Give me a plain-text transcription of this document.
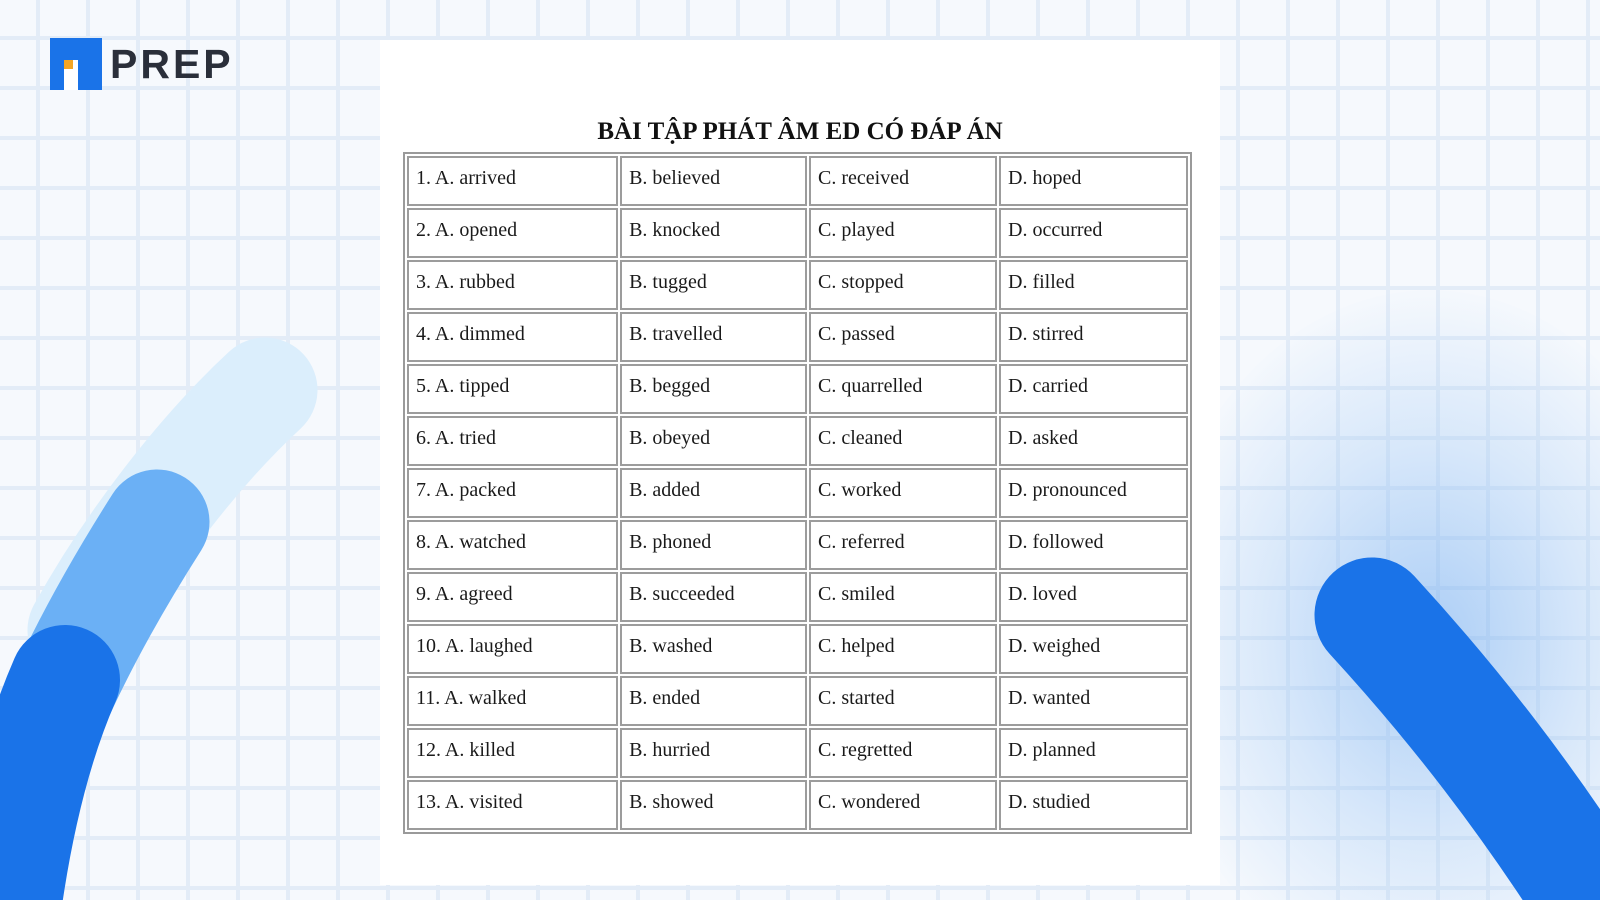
PREP
BÀI TẬP PHÁT ÂM ED CÓ ĐÁP ÁN
1. A. arrived	B. believed	C. received	D. hoped
2. A. opened	B. knocked	C. played	D. occurred
3. A. rubbed	B. tugged	C. stopped	D. filled
4. A. dimmed	B. travelled	C. passed	D. stirred
5. A. tipped	B. begged	C. quarrelled	D. carried
6. A. tried	B. obeyed	C. cleaned	D. asked
7. A. packed	B. added	C. worked	D. pronounced
8. A. watched	B. phoned	C. referred	D. followed
9. A. agreed	B. succeeded	C. smiled	D. loved
10. A. laughed	B. washed	C. helped	D. weighed
11. A. walked	B. ended	C. started	D. wanted
12. A. killed	B. hurried	C. regretted	D. planned
13. A. visited	B. showed	C. wondered	D. studied
